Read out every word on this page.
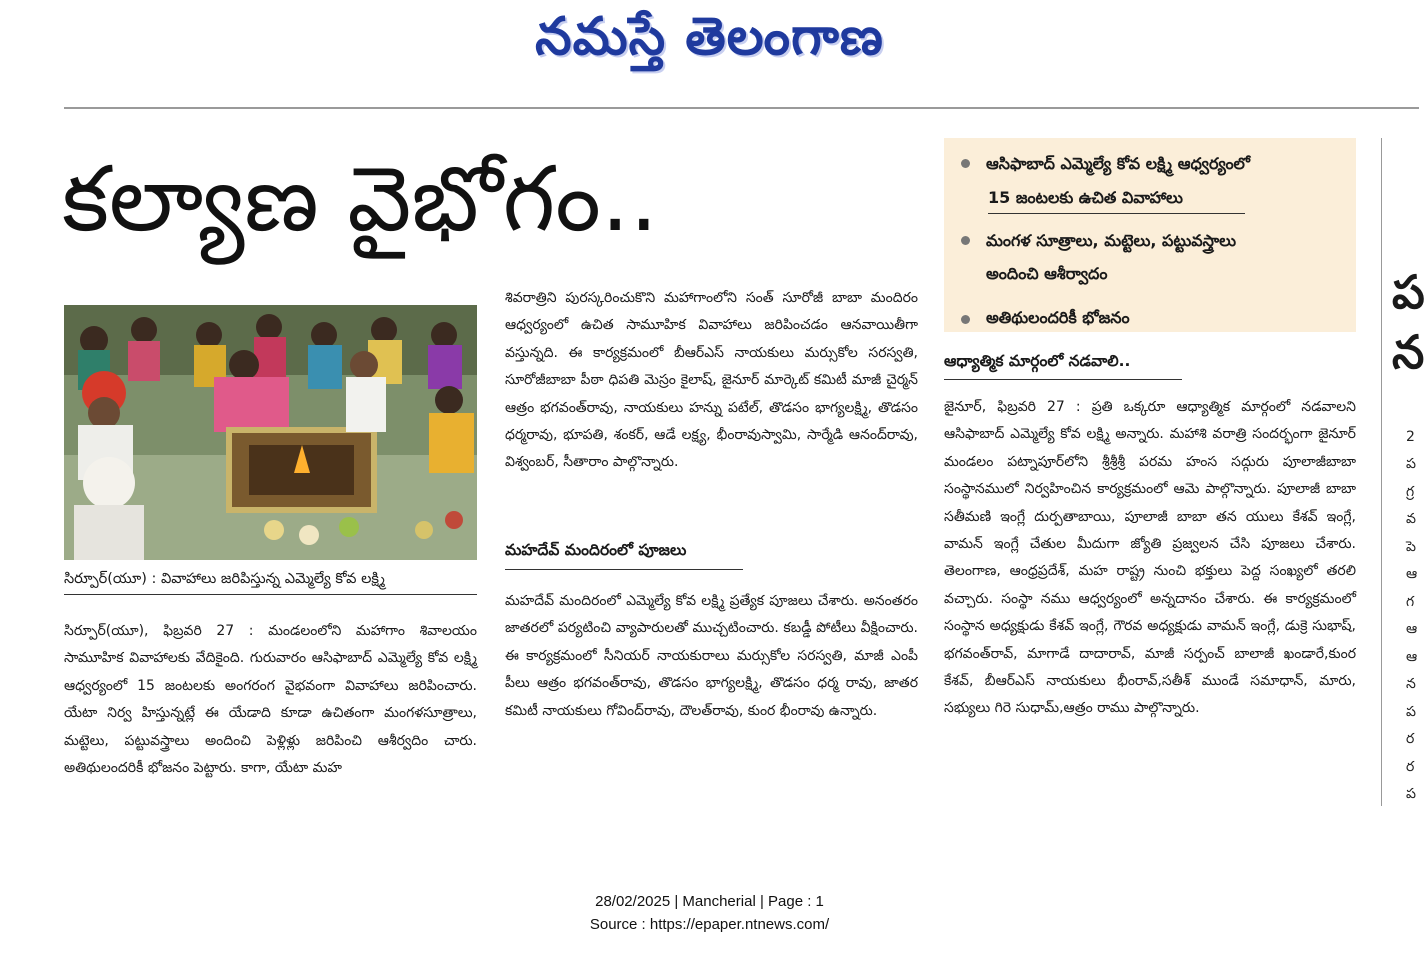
నమస్తే తెలంగాణ
కల్యాణ వైభోగం..
సిర్పూర్(యూ) : వివాహాలు జరిపిస్తున్న ఎమ్మెల్యే కోవ లక్ష్మి

సిర్పూర్(యూ), ఫిబ్రవరి 27 : మండలంలోని మహాగాం శివాలయం సామూహిక వివాహాలకు వేదికైంది. గురువారం ఆసిఫాబాద్ ఎమ్మెల్యే కోవ లక్ష్మి ఆధ్వర్యంలో 15 జంటలకు అంగరంగ వైభవంగా వివాహాలు జరిపించారు. యేటా నిర్వ హిస్తున్నట్లే ఈ యేడాది కూడా ఉచితంగా మంగళసూత్రాలు, మట్టెలు, పట్టువస్త్రాలు అందించి పెళ్లిళ్లు జరిపించి ఆశీర్వదిం చారు. అతిథులందరికీ భోజనం పెట్టారు. కాగా, యేటా మహ

శివరాత్రిని పురస్కరించుకొని మహాగాంలోని సంత్ సూరోజీ బాబా మందిరం ఆధ్వర్యంలో ఉచిత సామూహిక వివాహాలు జరిపించడం ఆనవాయితీగా వస్తున్నది. ఈ కార్యక్రమంలో బీఆర్ఎస్ నాయకులు మర్సుకోల సరస్వతి, సూరోజీబాబా పీఠా ధిపతి మెస్రం కైలాష్, జైనూర్ మార్కెట్ కమిటీ మాజీ చైర్మన్ ఆత్రం భగవంత్‌రావు, నాయకులు హన్ను పటేల్, తొడసం భాగ్యలక్ష్మి, తొడసం ధర్మరావు, భూపతి, శంకర్, ఆడే లక్ష్య, భీంరావుస్వామి, సార్మేడి ఆనంద్‌రావు, విశ్వంబర్, సీతారాం పాల్గొన్నారు.

మహదేవ్ మందిరంలో పూజలు

మహదేవ్ మందిరంలో ఎమ్మెల్యే కోవ లక్ష్మి ప్రత్యేక పూజలు చేశారు. అనంతరం జాతరలో పర్యటించి వ్యాపారులతో ముచ్చటించారు. కబడ్డీ పోటీలు వీక్షించారు. ఈ కార్యక్రమంలో సీనియర్ నాయకురాలు మర్సుకోల సరస్వతి, మాజీ ఎంపీ పీలు ఆత్రం భగవంత్‌రావు, తొడసం భాగ్యలక్ష్మి, తొడసం ధర్మ రావు, జాతర కమిటీ నాయకులు గోవింద్‌రావు, దౌలత్‌రావు, కుంర భీంరావు ఉన్నారు.

ఆసిఫాబాద్ ఎమ్మెల్యే కోవ లక్ష్మి ఆధ్వర్యంలో
15 జంటలకు ఉచిత వివాహాలు
మంగళ సూత్రాలు, మట్టెలు, పట్టువస్త్రాలు
అందించి ఆశీర్వాదం
అతిథులందరికీ భోజనం
ఆధ్యాత్మిక మార్గంలో నడవాలి..

జైనూర్, ఫిబ్రవరి 27 : ప్రతి ఒక్కరూ ఆధ్యాత్మిక మార్గంలో నడవాలని ఆసిఫాబాద్ ఎమ్మెల్యే కోవ లక్ష్మి అన్నారు. మహాశి వరాత్రి సందర్భంగా జైనూర్ మండలం పట్నాపూర్‌లోని శ్రీశ్రీశ్రీ పరమ హంస సద్గురు పూలాజీబాబా సంస్థానములో నిర్వహించిన కార్యక్రమంలో ఆమె పాల్గొన్నారు. పూలాజీ బాబా సతీమణి ఇంగ్లే దుర్పతాబాయి, పూలాజీ బాబా తన యులు కేశవ్ ఇంగ్లే, వామన్ ఇంగ్లే చేతుల మీదుగా జ్యోతి ప్రజ్వలన చేసి పూజలు చేశారు. తెలంగాణ, ఆంధ్రప్రదేశ్, మహ రాష్ట్ర నుంచి భక్తులు పెద్ద సంఖ్యలో తరలి వచ్చారు. సంస్థా నము ఆధ్వర్యంలో అన్నదానం చేశారు. ఈ కార్యక్రమంలో సంస్థాన అధ్యక్షుడు కేశవ్ ఇంగ్లే, గౌరవ అధ్యక్షుడు వామన్ ఇంగ్లే, డుక్రె సుభాష్, భగవంత్‌రావ్, మాగాడే దాదారావ్, మాజీ సర్పంచ్ బాలాజీ ఖండారే,కుంర కేశవ్, బీఆర్ఎస్ నాయకులు భీంరావ్,సతీశ్ ముండే సమాధాన్, మారు, సభ్యులు గిరె సుధామ్,ఆత్రం రాము పాల్గొన్నారు.

ప
న
2
ప
గ్ర
వ
పె
ఆ
గ
ఆ
ఆ
న
ప
ర
ర
ప
28/02/2025 | Mancherial | Page : 1
Source : https://epaper.ntnews.com/
